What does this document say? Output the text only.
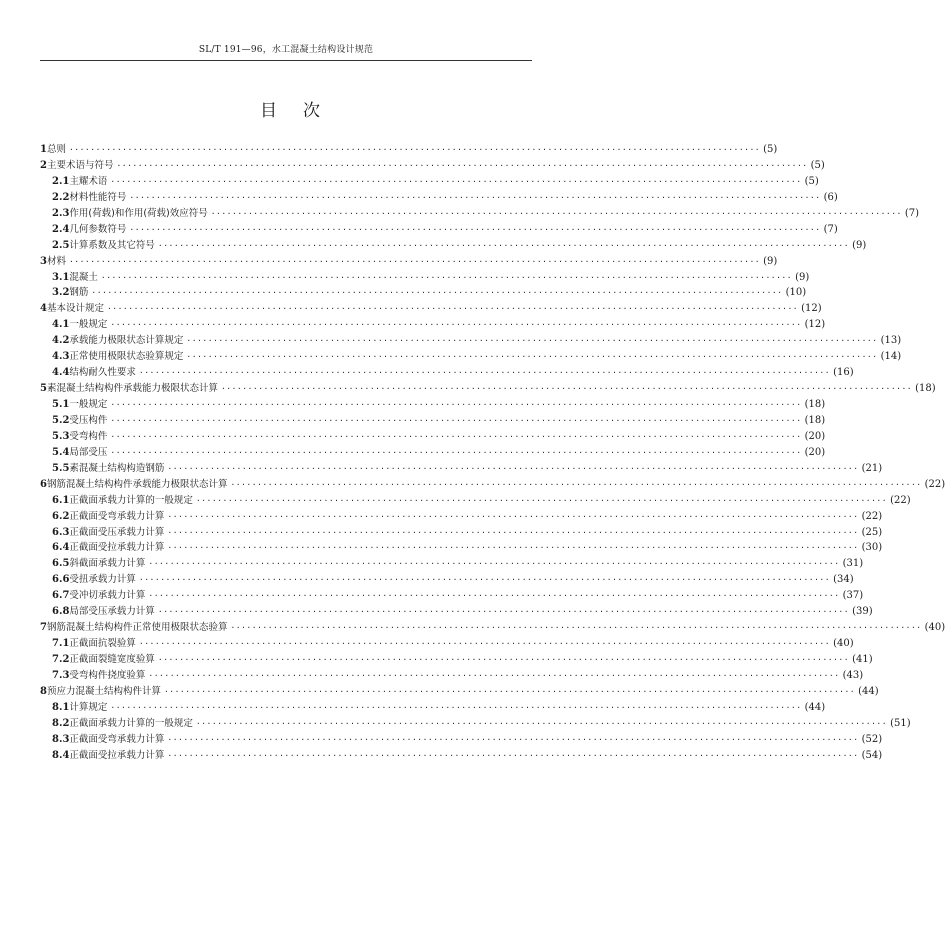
SL/T 191—96，水工混凝土结构设计规范
目 次
1 总则 ·································································································································· (5)
2 主要术语与符号 ·································································································································· (5)
2.1 主耀术语 ·································································································································· (5)
2.2 材料性能符号 ·································································································································· (6)
2.3 作用(荷载)和作用(荷载)效应符号 ·································································································································· (7)
2.4 几何参数符号 ·································································································································· (7)
2.5 计算系数及其它符号 ·································································································································· (9)
3 材料 ·································································································································· (9)
3.1 混凝土 ·································································································································· (9)
3.2 钢筋 ·································································································································· (10)
4 基本设计规定 ·································································································································· (12)
4.1 一般规定 ·································································································································· (12)
4.2 承载能力极限状态计算规定 ·································································································································· (13)
4.3 正常使用极限状态验算规定 ·································································································································· (14)
4.4 结构耐久性要求 ·································································································································· (16)
5 素混凝土结构构件承载能力极限状态计算 ·································································································································· (18)
5.1 一般规定 ·································································································································· (18)
5.2 受压构件 ·································································································································· (18)
5.3 受弯构件 ·································································································································· (20)
5.4 局部受压 ·································································································································· (20)
5.5 素混凝土结构构造钢筋 ·································································································································· (21)
6 钢筋混凝土结构构件承载能力极限状态计算 ·································································································································· (22)
6.1 正截面承载力计算的一般规定 ·································································································································· (22)
6.2 正截面受弯承载力计算 ·································································································································· (22)
6.3 正截面受压承载力计算 ·································································································································· (25)
6.4 正截面受拉承载力计算 ·································································································································· (30)
6.5 斜截面承载力计算 ·································································································································· (31)
6.6 受扭承载力计算 ·································································································································· (34)
6.7 受冲切承载力计算 ·································································································································· (37)
6.8 局部受压承载力计算 ·································································································································· (39)
7 钢筋混凝土结构构件正常使用极限状态验算 ·································································································································· (40)
7.1 正截面抗裂验算 ·································································································································· (40)
7.2 正截面裂缝宽度验算 ·································································································································· (41)
7.3 受弯构件挠度验算 ·································································································································· (43)
8 预应力混凝土结构构件计算 ·································································································································· (44)
8.1 计算规定 ·································································································································· (44)
8.2 正截面承载力计算的一般规定 ·································································································································· (51)
8.3 正截面受弯承载力计算 ·································································································································· (52)
8.4 正截面受拉承载力计算 ·································································································································· (54)
